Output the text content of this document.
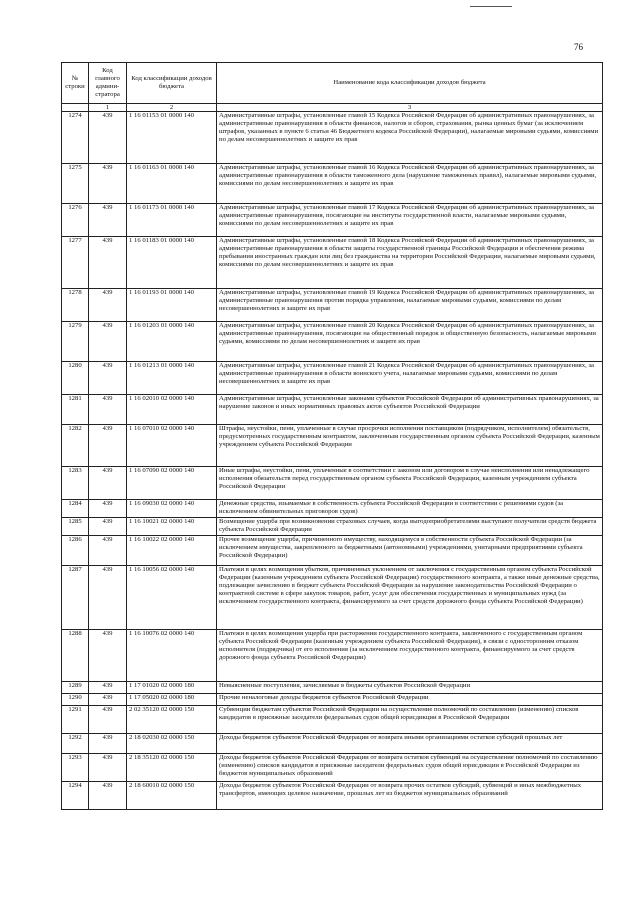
76
№ строки	Код главного админи-стратора	Код классификации доходов бюджета	Наименование кода классификации доходов бюджета
	1	2	3
1274	439	1 16 01153 01 0000 140	Административные штрафы, установленные главой 15 Кодекса Российской Федерации об административных правонарушениях, за административные правонарушения в области финансов, налогов и сборов, страхования, рынка ценных бумаг (за исключением штрафов, указанных в пункте 6 статьи 46 Бюджетного кодекса Российской Федерации), налагаемые мировыми судьями, комиссиями по делам несовершеннолетних и защите их прав
1275	439	1 16 01163 01 0000 140	Административные штрафы, установленные главой 16 Кодекса Российской Федерации об административных правонарушениях, за административные правонарушения в области таможенного дела (нарушение таможенных правил), налагаемые мировыми судьями, комиссиями по делам несовершеннолетних и защите их прав
1276	439	1 16 01173 01 0000 140	Административные штрафы, установленные главой 17 Кодекса Российской Федерации об административных правонарушениях, за административные правонарушения, посягающие на институты государственной власти, налагаемые мировыми судьями, комиссиями по делам несовершеннолетних и защите их прав
1277	439	1 16 01183 01 0000 140	Административные штрафы, установленные главой 18 Кодекса Российской Федерации об административных правонарушениях, за административные правонарушения в области защиты государственной границы Российской Федерации и обеспечения режима пребывания иностранных граждан или лиц без гражданства на территории Российской Федерации, налагаемые мировыми судьями, комиссиями по делам несовершеннолетних и защите их прав
1278	439	1 16 01193 01 0000 140	Административные штрафы, установленные главой 19 Кодекса Российской Федерации об административных правонарушениях, за административные правонарушения против порядка управления, налагаемые мировыми судьями, комиссиями по делам несовершеннолетних и защите их прав
1279	439	1 16 01203 01 0000 140	Административные штрафы, установленные главой 20 Кодекса Российской Федерации об административных правонарушениях, за административные правонарушения, посягающие на общественный порядок и общественную безопасность, налагаемые мировыми судьями, комиссиями по делам несовершеннолетних и защите их прав
1280	439	1 16 01213 01 0000 140	Административные штрафы, установленные главой 21 Кодекса Российской Федерации об административных правонарушениях, за административные правонарушения в области воинского учета, налагаемые мировыми судьями, комиссиями по делам несовершеннолетних и защите их прав
1281	439	1 16 02010 02 0000 140	Административные штрафы, установленные законами субъектов Российской Федерации об административных правонарушениях, за нарушение законов и иных нормативных правовых актов субъектов Российской Федерации
1282	439	1 16 07010 02 0000 140	Штрафы, неустойки, пени, уплаченные в случае просрочки исполнения поставщиком (подрядчиком, исполнителем) обязательств, предусмотренных государственным контрактом, заключенным государственным органом субъекта Российской Федерации, казенным учреждением субъекта Российской Федерации
1283	439	1 16 07090 02 0000 140	Иные штрафы, неустойки, пени, уплаченные в соответствии с законом или договором в случае неисполнения или ненадлежащего исполнения обязательств перед государственным органом субъекта Российской Федерации, казенным учреждением субъекта Российской Федерации
1284	439	1 16 09030 02 0000 140	Денежные средства, изымаемые в собственность субъекта Российской Федерации в соответствии с решениями судов (за исключением обвинительных приговоров судов)
1285	439	1 16 10021 02 0000 140	Возмещение ущерба при возникновении страховых случаев, когда выгодоприобретателями выступают получатели средств бюджета субъекта Российской Федерации
1286	439	1 16 10022 02 0000 140	Прочее возмещение ущерба, причиненного имуществу, находящемуся в собственности субъекта Российской Федерации (за исключением имущества, закрепленного за бюджетными (автономными) учреждениями, унитарными предприятиями субъекта Российской Федерации)
1287	439	1 16 10056 02 0000 140	Платежи в целях возмещения убытков, причиненных уклонением от заключения с государственным органом субъекта Российской Федерации (казенным учреждением субъекта Российской Федерации) государственного контракта, а также иные денежные средства, подлежащие зачислению в бюджет субъекта Российской Федерации за нарушение законодательства Российской Федерации о контрактной системе в сфере закупок товаров, работ, услуг для обеспечения государственных и муниципальных нужд (за исключением государственного контракта, финансируемого за счет средств дорожного фонда субъекта Российской Федерации)
1288	439	1 16 10076 02 0000 140	Платежи в целях возмещения ущерба при расторжении государственного контракта, заключенного с государственным органом субъекта Российской Федерации (казенным учреждением субъекта Российской Федерации), в связи с односторонним отказом исполнителя (подрядчика) от его исполнения (за исключением государственного контракта, финансируемого за счет средств дорожного фонда субъекта Российской Федерации)
1289	439	1 17 01020 02 0000 180	Невыясненные поступления, зачисляемые в бюджеты субъектов Российской Федерации
1290	439	1 17 05020 02 0000 180	Прочие неналоговые доходы бюджетов субъектов Российской Федерации
1291	439	2 02 35120 02 0000 150	Субвенции бюджетам субъектов Российской Федерации на осуществление полномочий по составлению (изменению) списков кандидатов в присяжные заседатели федеральных судов общей юрисдикции в Российской Федерации
1292	439	2 18 02030 02 0000 150	Доходы бюджетов субъектов Российской Федерации от возврата иными организациями остатков субсидий прошлых лет
1293	439	2 18 35120 02 0000 150	Доходы бюджетов субъектов Российской Федерации от возврата остатков субвенций на осуществление полномочий по составлению (изменению) списков кандидатов в присяжные заседатели федеральных судов общей юрисдикции в Российской Федерации из бюджетов муниципальных образований
1294	439	2 18 60010 02 0000 150	Доходы бюджетов субъектов Российской Федерации от возврата прочих остатков субсидий, субвенций и иных межбюджетных трансфертов, имеющих целевое назначение, прошлых лет из бюджетов муниципальных образований
